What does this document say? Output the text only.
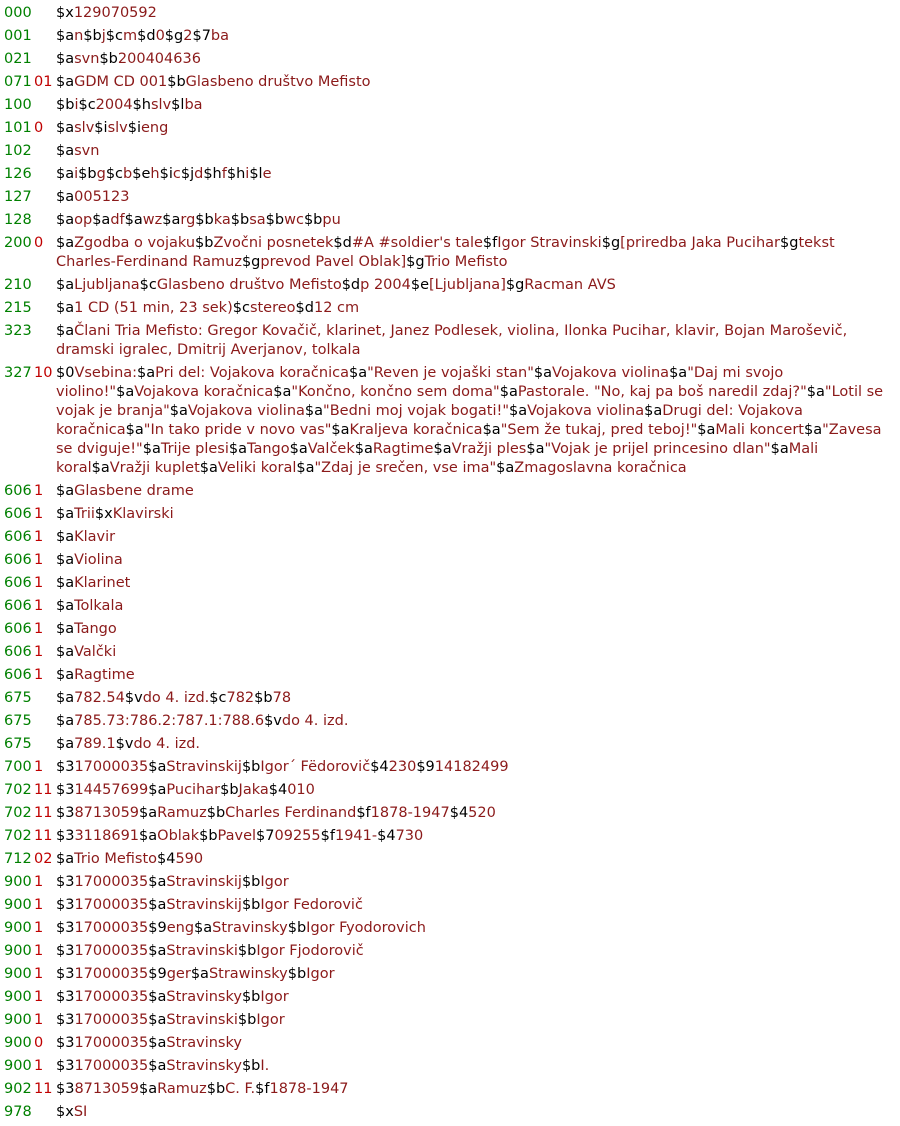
000 $x129070592
001 $an$bj$cm$d0$g2$7ba
021 $asvn$b200404636
071 01 $aGDM CD 001$bGlasbeno društvo Mefisto
100 $bi$c2004$hslv$lba
101 0 $aslv$islv$ieng
102 $asvn
126 $ai$bg$cb$eh$ic$jd$hf$hi$le
127 $a005123
128 $aop$adf$awz$arg$bka$bsa$bwc$bpu
200 0 $aZgodba o vojaku$bZvočni posnetek$d#A #soldier's tale$fIgor Stravinski$g[priredba Jaka Pucihar$gtekst Charles-Ferdinand Ramuz$gprevod Pavel Oblak]$gTrio Mefisto
210 $aLjubljana$cGlasbeno društvo Mefisto$dp 2004$e[Ljubljana]$gRacman AVS
215 $a1 CD (51 min, 23 sek)$cstereo$d12 cm
323 $aČlani Tria Mefisto: Gregor Kovačič, klarinet, Janez Podlesek, violina, Ilonka Pucihar, klavir, Bojan Maroševič, dramski igralec, Dmitrij Averjanov, tolkala
327 10 $0Vsebina:$aPri del: Vojakova koračnica$a"Reven je vojaški stan"$aVojakova violina$a"Daj mi svojo violino!"$aVojakova koračnica$a"Končno, končno sem doma"$aPastorale. "No, kaj pa boš naredil zdaj?"$a"Lotil se vojak je branja"$aVojakova violina$a"Bedni moj vojak bogati!"$aVojakova violina$aDrugi del: Vojakova koračnica$a"In tako pride v novo vas"$aKraljeva koračnica$a"Sem že tukaj, pred teboj!"$aMali koncert$a"Zavesa se dviguje!"$aTrije plesi$aTango$aValček$aRagtime$aVražji ples$a"Vojak je prijel princesino dlan"$aMali koral$aVražji kuplet$aVeliki koral$a"Zdaj je srečen, vse ima"$aZmagoslavna koračnica
606 1 $aGlasbene drame
606 1 $aTrii$xKlavirski
606 1 $aKlavir
606 1 $aViolina
606 1 $aKlarinet
606 1 $aTolkala
606 1 $aTango
606 1 $aValčki
606 1 $aRagtime
675 $a782.54$vdo 4. izd.$c782$b78
675 $a785.73:786.2:787.1:788.6$vdo 4. izd.
675 $a789.1$vdo 4. izd.
700 1 $317000035$aStravinskij$bIgor´ Fëdorovič$4230$914182499
702 11 $314457699$aPucihar$bJaka$4010
702 11 $38713059$aRamuz$bCharles Ferdinand$f1878-1947$4520
702 11 $33118691$aOblak$bPavel$709255$f1941-$4730
712 02 $aTrio Mefisto$4590
900 1 $317000035$aStravinskij$bIgor
900 1 $317000035$aStravinskij$bIgor Fedorovič
900 1 $317000035$9eng$aStravinsky$bIgor Fyodorovich
900 1 $317000035$aStravinski$bIgor Fjodorovič
900 1 $317000035$9ger$aStrawinsky$bIgor
900 1 $317000035$aStravinsky$bIgor
900 1 $317000035$aStravinski$bIgor
900 0 $317000035$aStravinsky
900 1 $317000035$aStravinsky$bI.
902 11 $38713059$aRamuz$bC. F.$f1878-1947
978 $xSI
